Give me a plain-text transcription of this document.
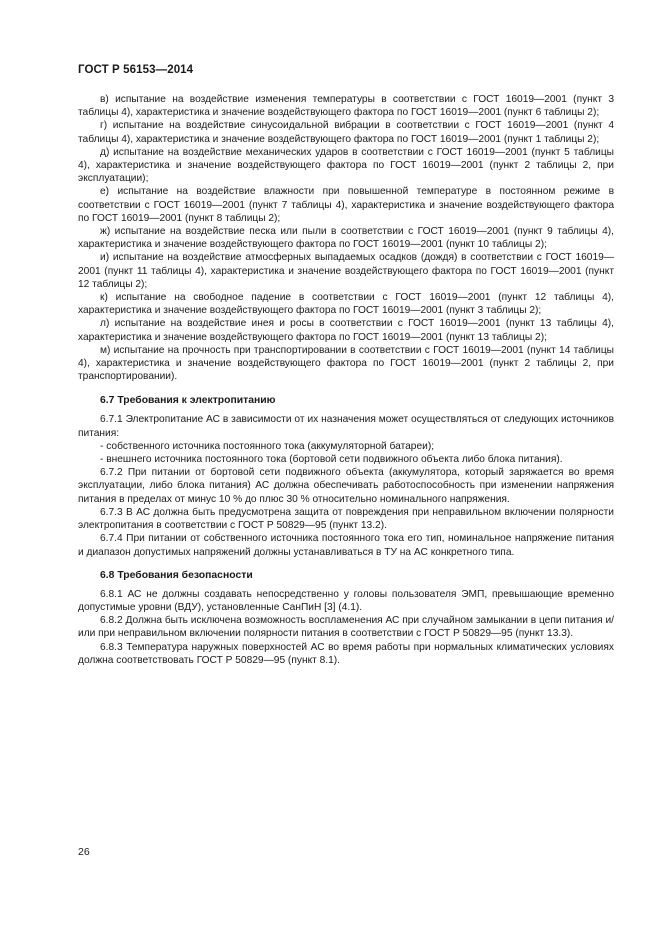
ГОСТ Р 56153—2014

в) испытание на воздействие изменения температуры в соответствии с ГОСТ 16019—2001 (пункт 3 таблицы 4), характеристика и значение воздействующего фактора по ГОСТ 16019—2001 (пункт 6 таблицы 2);

г) испытание на воздействие синусоидальной вибрации в соответствии с ГОСТ 16019—2001 (пункт 4 таблицы 4), характеристика и значение воздействующего фактора по ГОСТ 16019—2001 (пункт 1 таблицы 2);

д) испытание на воздействие механических ударов в соответствии с ГОСТ 16019—2001 (пункт 5 таблицы 4), характеристика и значение воздействующего фактора по ГОСТ 16019—2001 (пункт 2 таблицы 2, при эксплуатации);

е) испытание на воздействие влажности при повышенной температуре в постоянном режиме в соответствии с ГОСТ 16019—2001 (пункт 7 таблицы 4), характеристика и значение воздействующего фактора по ГОСТ 16019—2001 (пункт 8 таблицы 2);

ж) испытание на воздействие песка или пыли в соответствии с ГОСТ 16019—2001 (пункт 9 таблицы 4), характеристика и значение воздействующего фактора по ГОСТ 16019—2001 (пункт 10 таблицы 2);

и) испытание на воздействие атмосферных выпадаемых осадков (дождя) в соответствии с ГОСТ 16019—2001 (пункт 11 таблицы 4), характеристика и значение воздействующего фактора по ГОСТ 16019—2001 (пункт 12 таблицы 2);

к) испытание на свободное падение в соответствии с ГОСТ 16019—2001 (пункт 12 таблицы 4), характеристика и значение воздействующего фактора по ГОСТ 16019—2001 (пункт 3 таблицы 2);

л) испытание на воздействие инея и росы в соответствии с ГОСТ 16019—2001 (пункт 13 таблицы 4), характеристика и значение воздействующего фактора по ГОСТ 16019—2001 (пункт 13 таблицы 2);

м) испытание на прочность при транспортировании в соответствии с ГОСТ 16019—2001 (пункт 14 таблицы 4), характеристика и значение воздействующего фактора по ГОСТ 16019—2001 (пункт 2 таблицы 2, при транспортировании).

6.7 Требования к электропитанию

6.7.1 Электропитание АС в зависимости от их назначения может осуществляться от следующих источников питания:

- собственного источника постоянного тока (аккумуляторной батареи);

- внешнего источника постоянного тока (бортовой сети подвижного объекта либо блока питания).

6.7.2 При питании от бортовой сети подвижного объекта (аккумулятора, который заряжается во время эксплуатации, либо блока питания) АС должна обеспечивать работоспособность при изменении напряжения питания в пределах от минус 10 % до плюс 30 % относительно номинального напряжения.

6.7.3 В АС должна быть предусмотрена защита от повреждения при неправильном включении полярности электропитания в соответствии с ГОСТ Р 50829—95 (пункт 13.2).

6.7.4 При питании от собственного источника постоянного тока его тип, номинальное напряжение питания и диапазон допустимых напряжений должны устанавливаться в ТУ на АС конкретного типа.

6.8 Требования безопасности

6.8.1 АС не должны создавать непосредственно у головы пользователя ЭМП, превышающие временно допустимые уровни (ВДУ), установленные СанПиН [3] (4.1).

6.8.2 Должна быть исключена возможность воспламенения АС при случайном замыкании в цепи питания и/или при неправильном включении полярности питания в соответствии с ГОСТ Р 50829—95 (пункт 13.3).

6.8.3 Температура наружных поверхностей АС во время работы при нормальных климатических условиях должна соответствовать ГОСТ Р 50829—95 (пункт 8.1).

26
